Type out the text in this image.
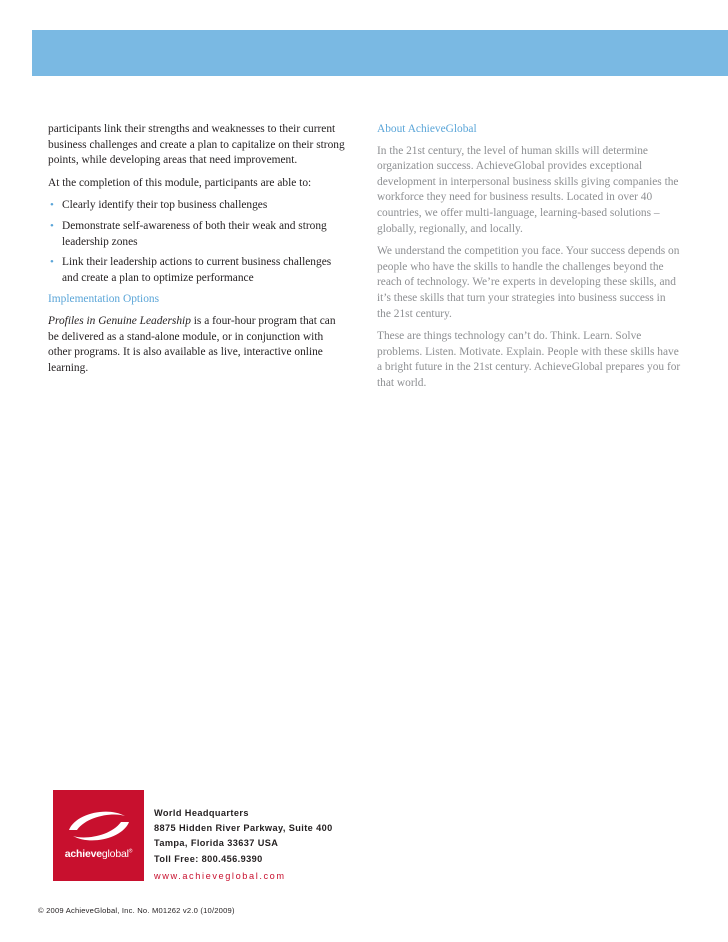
participants link their strengths and weaknesses to their current business challenges and create a plan to capitalize on their strong points, while developing areas that need improvement.

At the completion of this module, participants are able to:

• Clearly identify their top business challenges
• Demonstrate self-awareness of both their weak and strong leadership zones
• Link their leadership actions to current business challenges and create a plan to optimize performance

Implementation Options

Profiles in Genuine Leadership is a four-hour program that can be delivered as a stand-alone module, or in conjunction with other programs. It is also available as live, interactive online learning.

About AchieveGlobal

In the 21st century, the level of human skills will determine organization success. AchieveGlobal provides exceptional development in interpersonal business skills giving companies the workforce they need for business results. Located in over 40 countries, we offer multi-language, learning-based solutions – globally, regionally, and locally.

We understand the competition you face. Your success depends on people who have the skills to handle the challenges beyond the reach of technology. We’re experts in developing these skills, and it’s these skills that turn your strategies into business success in the 21st century.

These are things technology can’t do. Think. Learn. Solve problems. Listen. Motivate. Explain. People with these skills have a bright future in the 21st century. AchieveGlobal prepares you for that world.

achieveglobal®
World Headquarters
8875 Hidden River Parkway, Suite 400
Tampa, Florida 33637 USA
Toll Free: 800.456.9390
www.achieveglobal.com
© 2009 AchieveGlobal, Inc. No. M01262 v2.0 (10/2009)
